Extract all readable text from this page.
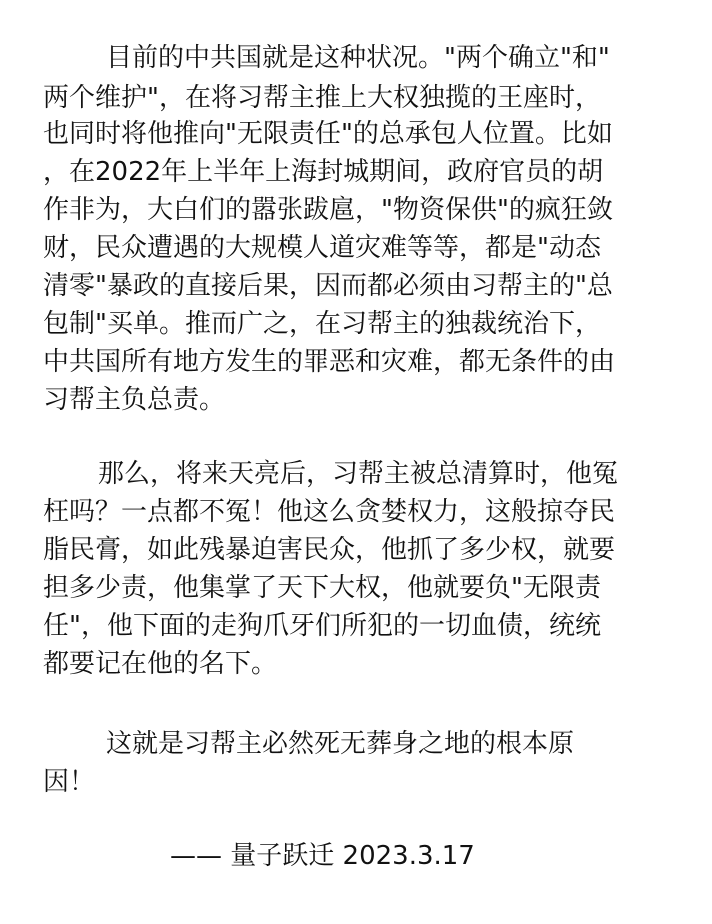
目前的中共国就是这种状况。"两个确立"和"
两个维护"，在将习帮主推上大权独揽的王座时，
也同时将他推向"无限责任"的总承包人位置。比如
，在2022年上半年上海封城期间，政府官员的胡
作非为，大白们的嚣张跋扈，"物资保供"的疯狂敛
财，民众遭遇的大规模人道灾难等等，都是"动态
清零"暴政的直接后果，因而都必须由习帮主的"总
包制"买单。推而广之，在习帮主的独裁统治下，
中共国所有地方发生的罪恶和灾难，都无条件的由
习帮主负总责。
那么，将来天亮后，习帮主被总清算时，他冤
枉吗？一点都不冤！他这么贪婪权力，这般掠夺民
脂民膏，如此残暴迫害民众，他抓了多少权，就要
担多少责，他集掌了天下大权，他就要负"无限责
任"，他下面的走狗爪牙们所犯的一切血债，统统
都要记在他的名下。
这就是习帮主必然死无葬身之地的根本原
因！
—— 量子跃迁 2023.3.17
